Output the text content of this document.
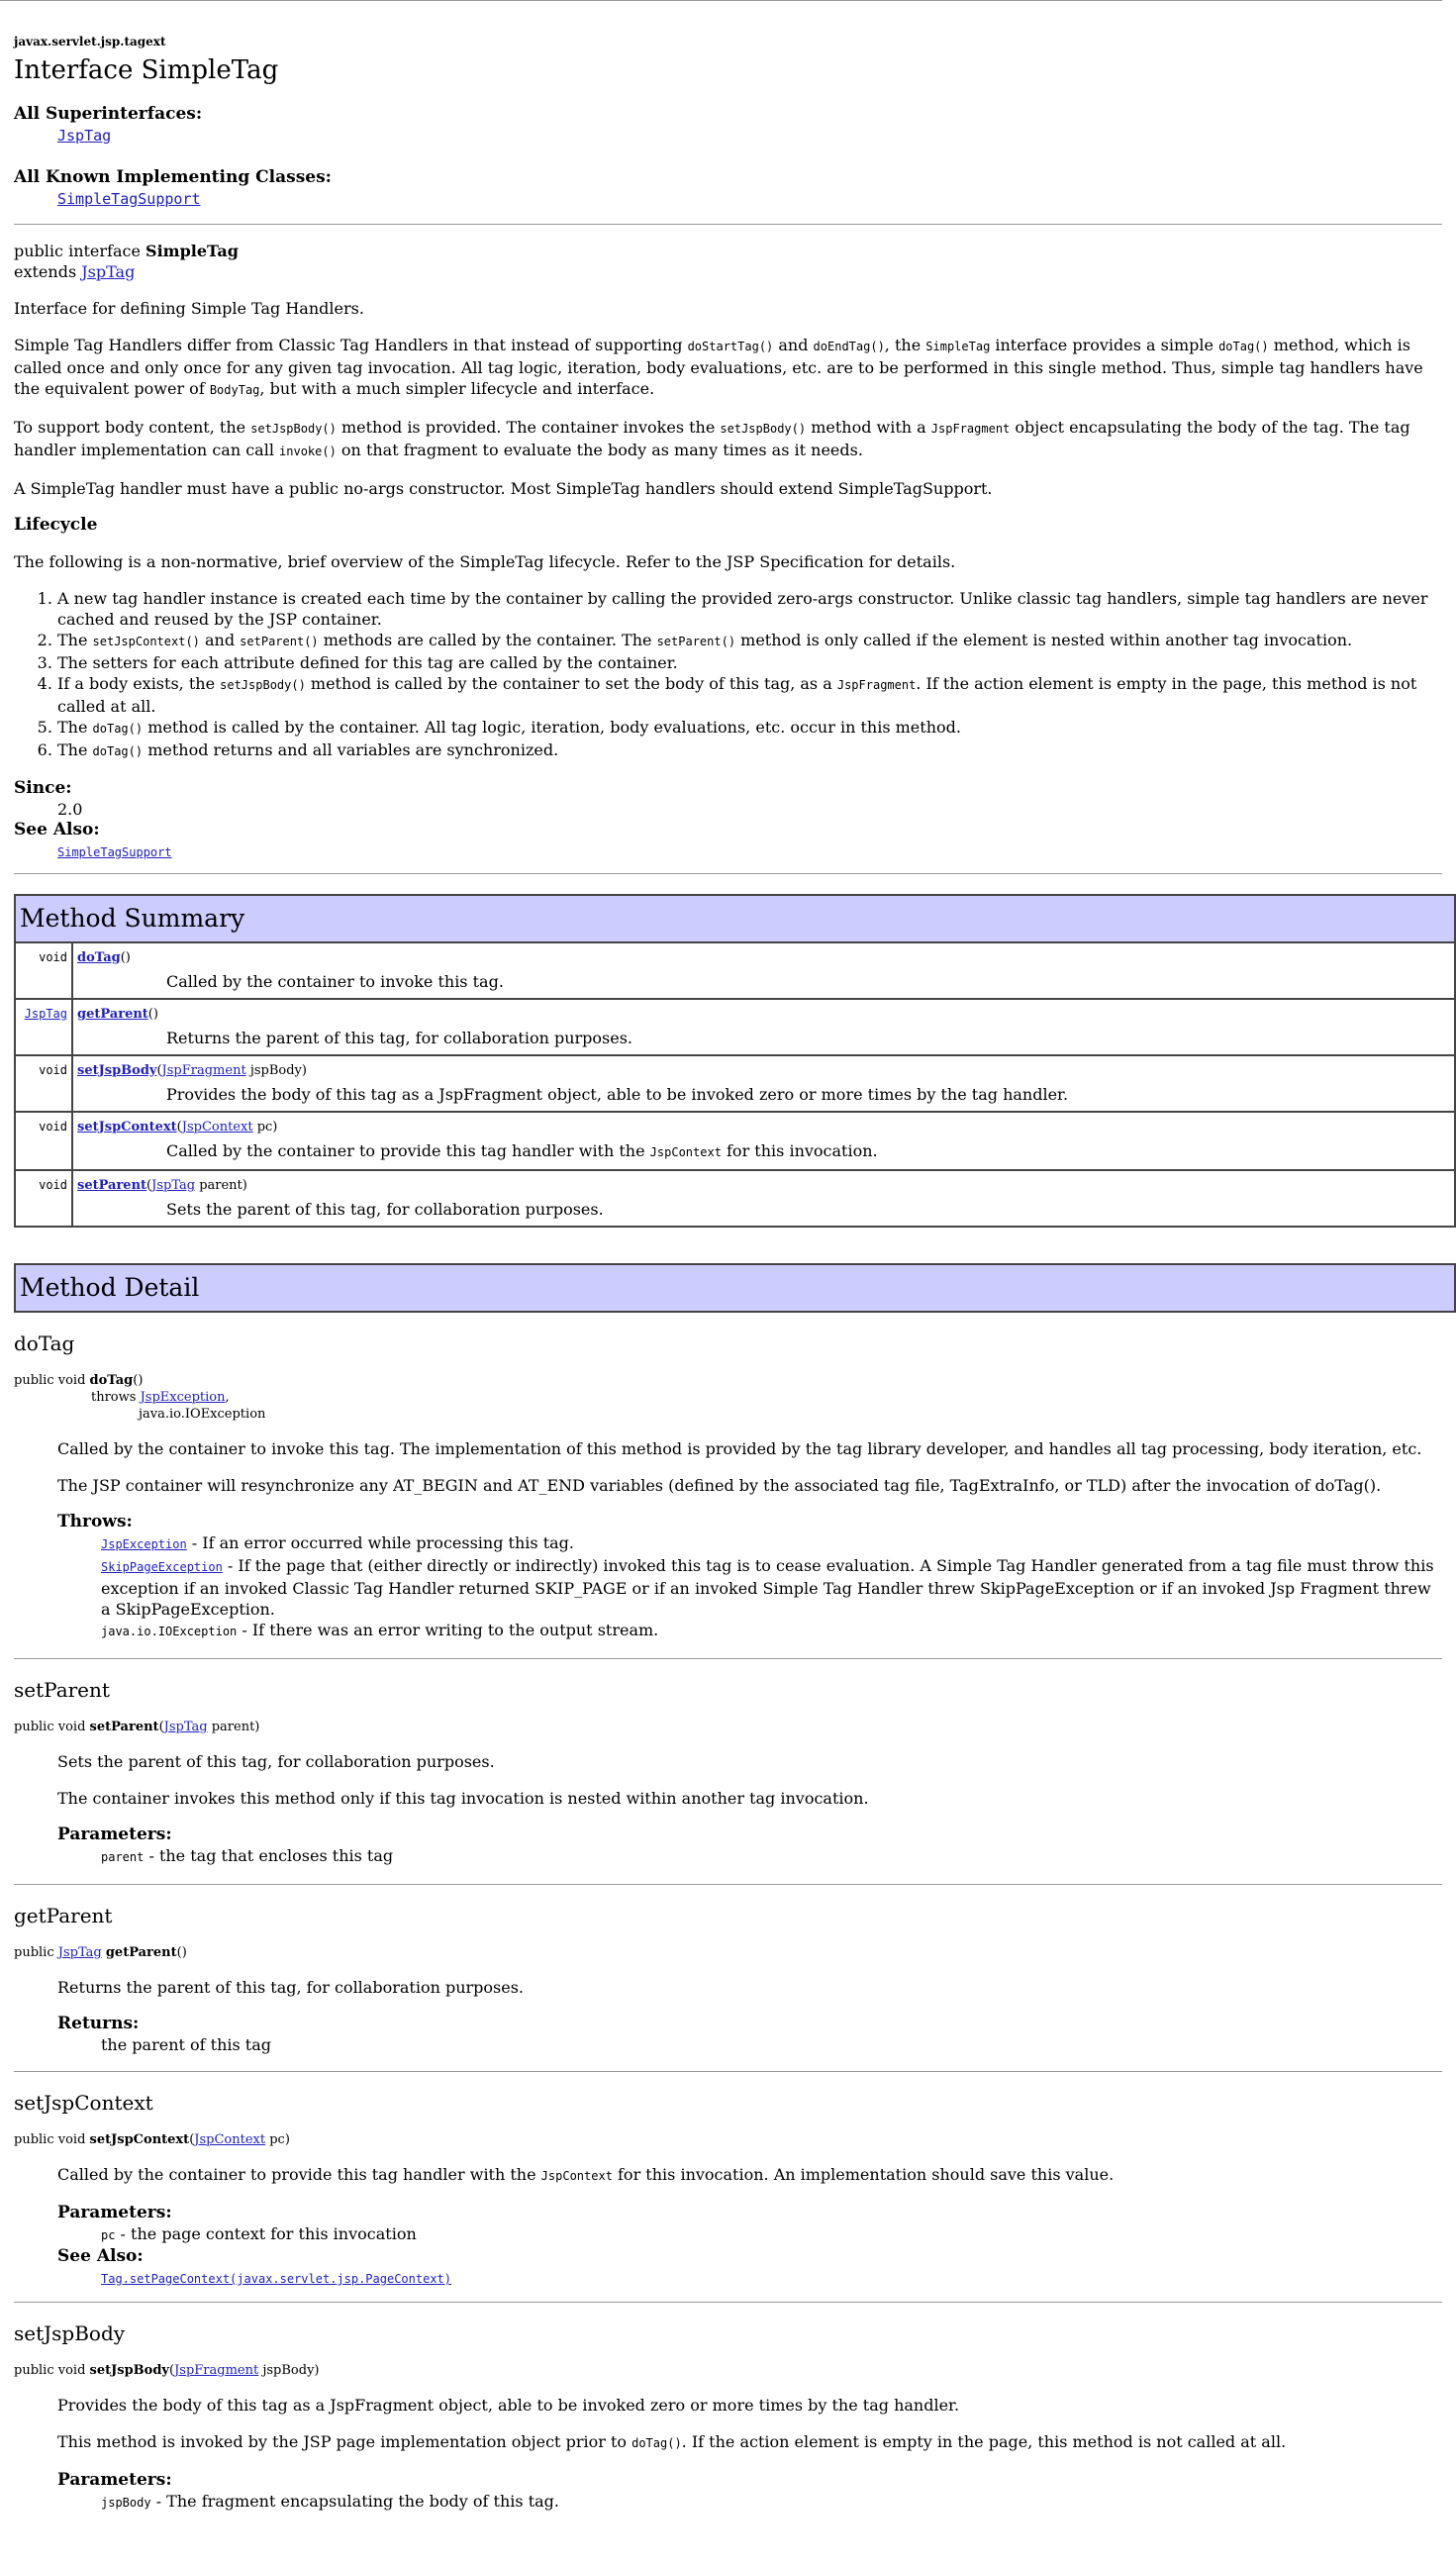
javax.servlet.jsp.tagext
Interface SimpleTag
All Superinterfaces:
JspTag
All Known Implementing Classes:
SimpleTagSupport
public interface SimpleTag
extends JspTag

Interface for defining Simple Tag Handlers.

Simple Tag Handlers differ from Classic Tag Handlers in that instead of supporting doStartTag() and doEndTag(), the SimpleTag interface provides a simple doTag() method, which is called once and only once for any given tag invocation. All tag logic, iteration, body evaluations, etc. are to be performed in this single method. Thus, simple tag handlers have the equivalent power of BodyTag, but with a much simpler lifecycle and interface.

To support body content, the setJspBody() method is provided. The container invokes the setJspBody() method with a JspFragment object encapsulating the body of the tag. The tag handler implementation can call invoke() on that fragment to evaluate the body as many times as it needs.

A SimpleTag handler must have a public no-args constructor. Most SimpleTag handlers should extend SimpleTagSupport.

Lifecycle

The following is a non-normative, brief overview of the SimpleTag lifecycle. Refer to the JSP Specification for details.

1. A new tag handler instance is created each time by the container by calling the provided zero-args constructor. Unlike classic tag handlers, simple tag handlers are never cached and reused by the JSP container.
2. The setJspContext() and setParent() methods are called by the container. The setParent() method is only called if the element is nested within another tag invocation.
3. The setters for each attribute defined for this tag are called by the container.
4. If a body exists, the setJspBody() method is called by the container to set the body of this tag, as a JspFragment. If the action element is empty in the page, this method is not called at all.
5. The doTag() method is called by the container. All tag logic, iteration, body evaluations, etc. occur in this method.
6. The doTag() method returns and all variables are synchronized.
Since:
2.0
See Also:
SimpleTagSupport
Method Summary	
void	doTag()
Called by the container to invoke this tag.

JspTag	getParent()
Returns the parent of this tag, for collaboration purposes.

void	setJspBody(JspFragment jspBody)
Provides the body of this tag as a JspFragment object, able to be invoked zero or more times by the tag handler.

void	setJspContext(JspContext pc)
Called by the container to provide this tag handler with the JspContext for this invocation.

void	setParent(JspTag parent)
Sets the parent of this tag, for collaboration purposes.
Method Detail
doTag
public void doTag()
throws JspException,
java.io.IOException

Called by the container to invoke this tag. The implementation of this method is provided by the tag library developer, and handles all tag processing, body iteration, etc.

The JSP container will resynchronize any AT_BEGIN and AT_END variables (defined by the associated tag file, TagExtraInfo, or TLD) after the invocation of doTag().

Throws:
JspException - If an error occurred while processing this tag.
SkipPageException - If the page that (either directly or indirectly) invoked this tag is to cease evaluation. A Simple Tag Handler generated from a tag file must throw this exception if an invoked Classic Tag Handler returned SKIP_PAGE or if an invoked Simple Tag Handler threw SkipPageException or if an invoked Jsp Fragment threw a SkipPageException.
java.io.IOException - If there was an error writing to the output stream.
setParent
public void setParent(JspTag parent)

Sets the parent of this tag, for collaboration purposes.

The container invokes this method only if this tag invocation is nested within another tag invocation.

Parameters:
parent - the tag that encloses this tag
getParent
public JspTag getParent()

Returns the parent of this tag, for collaboration purposes.

Returns:
the parent of this tag
setJspContext
public void setJspContext(JspContext pc)

Called by the container to provide this tag handler with the JspContext for this invocation. An implementation should save this value.

Parameters:
pc - the page context for this invocation
See Also:
Tag.setPageContext(javax.servlet.jsp.PageContext)
setJspBody
public void setJspBody(JspFragment jspBody)

Provides the body of this tag as a JspFragment object, able to be invoked zero or more times by the tag handler.

This method is invoked by the JSP page implementation object prior to doTag(). If the action element is empty in the page, this method is not called at all.

Parameters:
jspBody - The fragment encapsulating the body of this tag.
